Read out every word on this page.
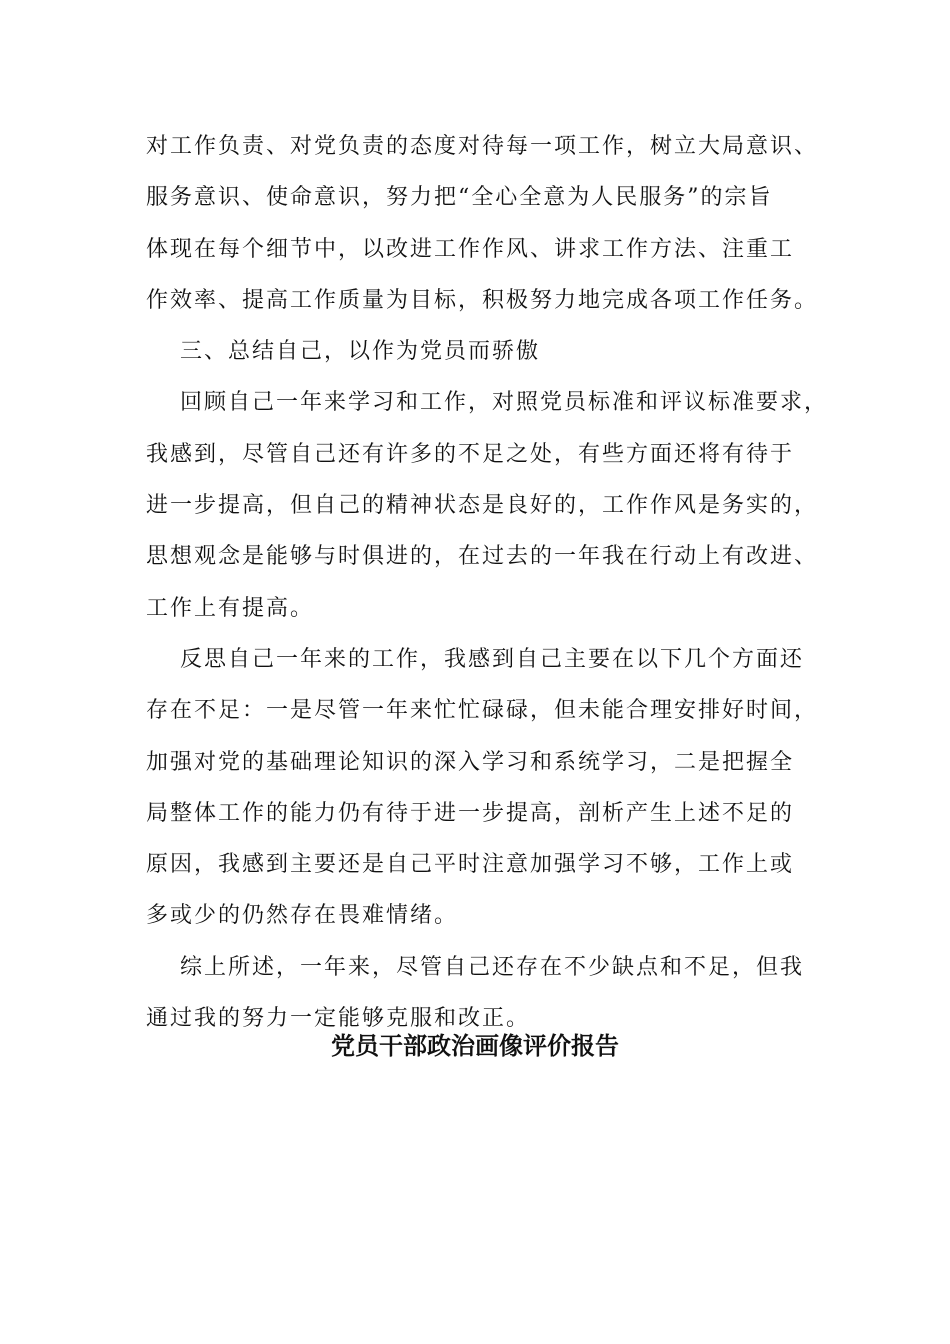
对工作负责、对党负责的态度对待每一项工作，树立大局意识、
服务意识、使命意识，努力把“全心全意为人民服务”的宗旨
体现在每个细节中，以改进工作作风、讲求工作方法、注重工
作效率、提高工作质量为目标，积极努力地完成各项工作任务。
三、总结自己，以作为党员而骄傲
回顾自己一年来学习和工作，对照党员标准和评议标准要求，
我感到，尽管自己还有许多的不足之处，有些方面还将有待于
进一步提高，但自己的精神状态是良好的，工作作风是务实的，
思想观念是能够与时俱进的，在过去的一年我在行动上有改进、
工作上有提高。
反思自己一年来的工作，我感到自己主要在以下几个方面还
存在不足：一是尽管一年来忙忙碌碌，但未能合理安排好时间，
加强对党的基础理论知识的深入学习和系统学习，二是把握全
局整体工作的能力仍有待于进一步提高，剖析产生上述不足的
原因，我感到主要还是自己平时注意加强学习不够，工作上或
多或少的仍然存在畏难情绪。
综上所述，一年来，尽管自己还存在不少缺点和不足，但我
通过我的努力一定能够克服和改正。
党员干部政治画像评价报告
